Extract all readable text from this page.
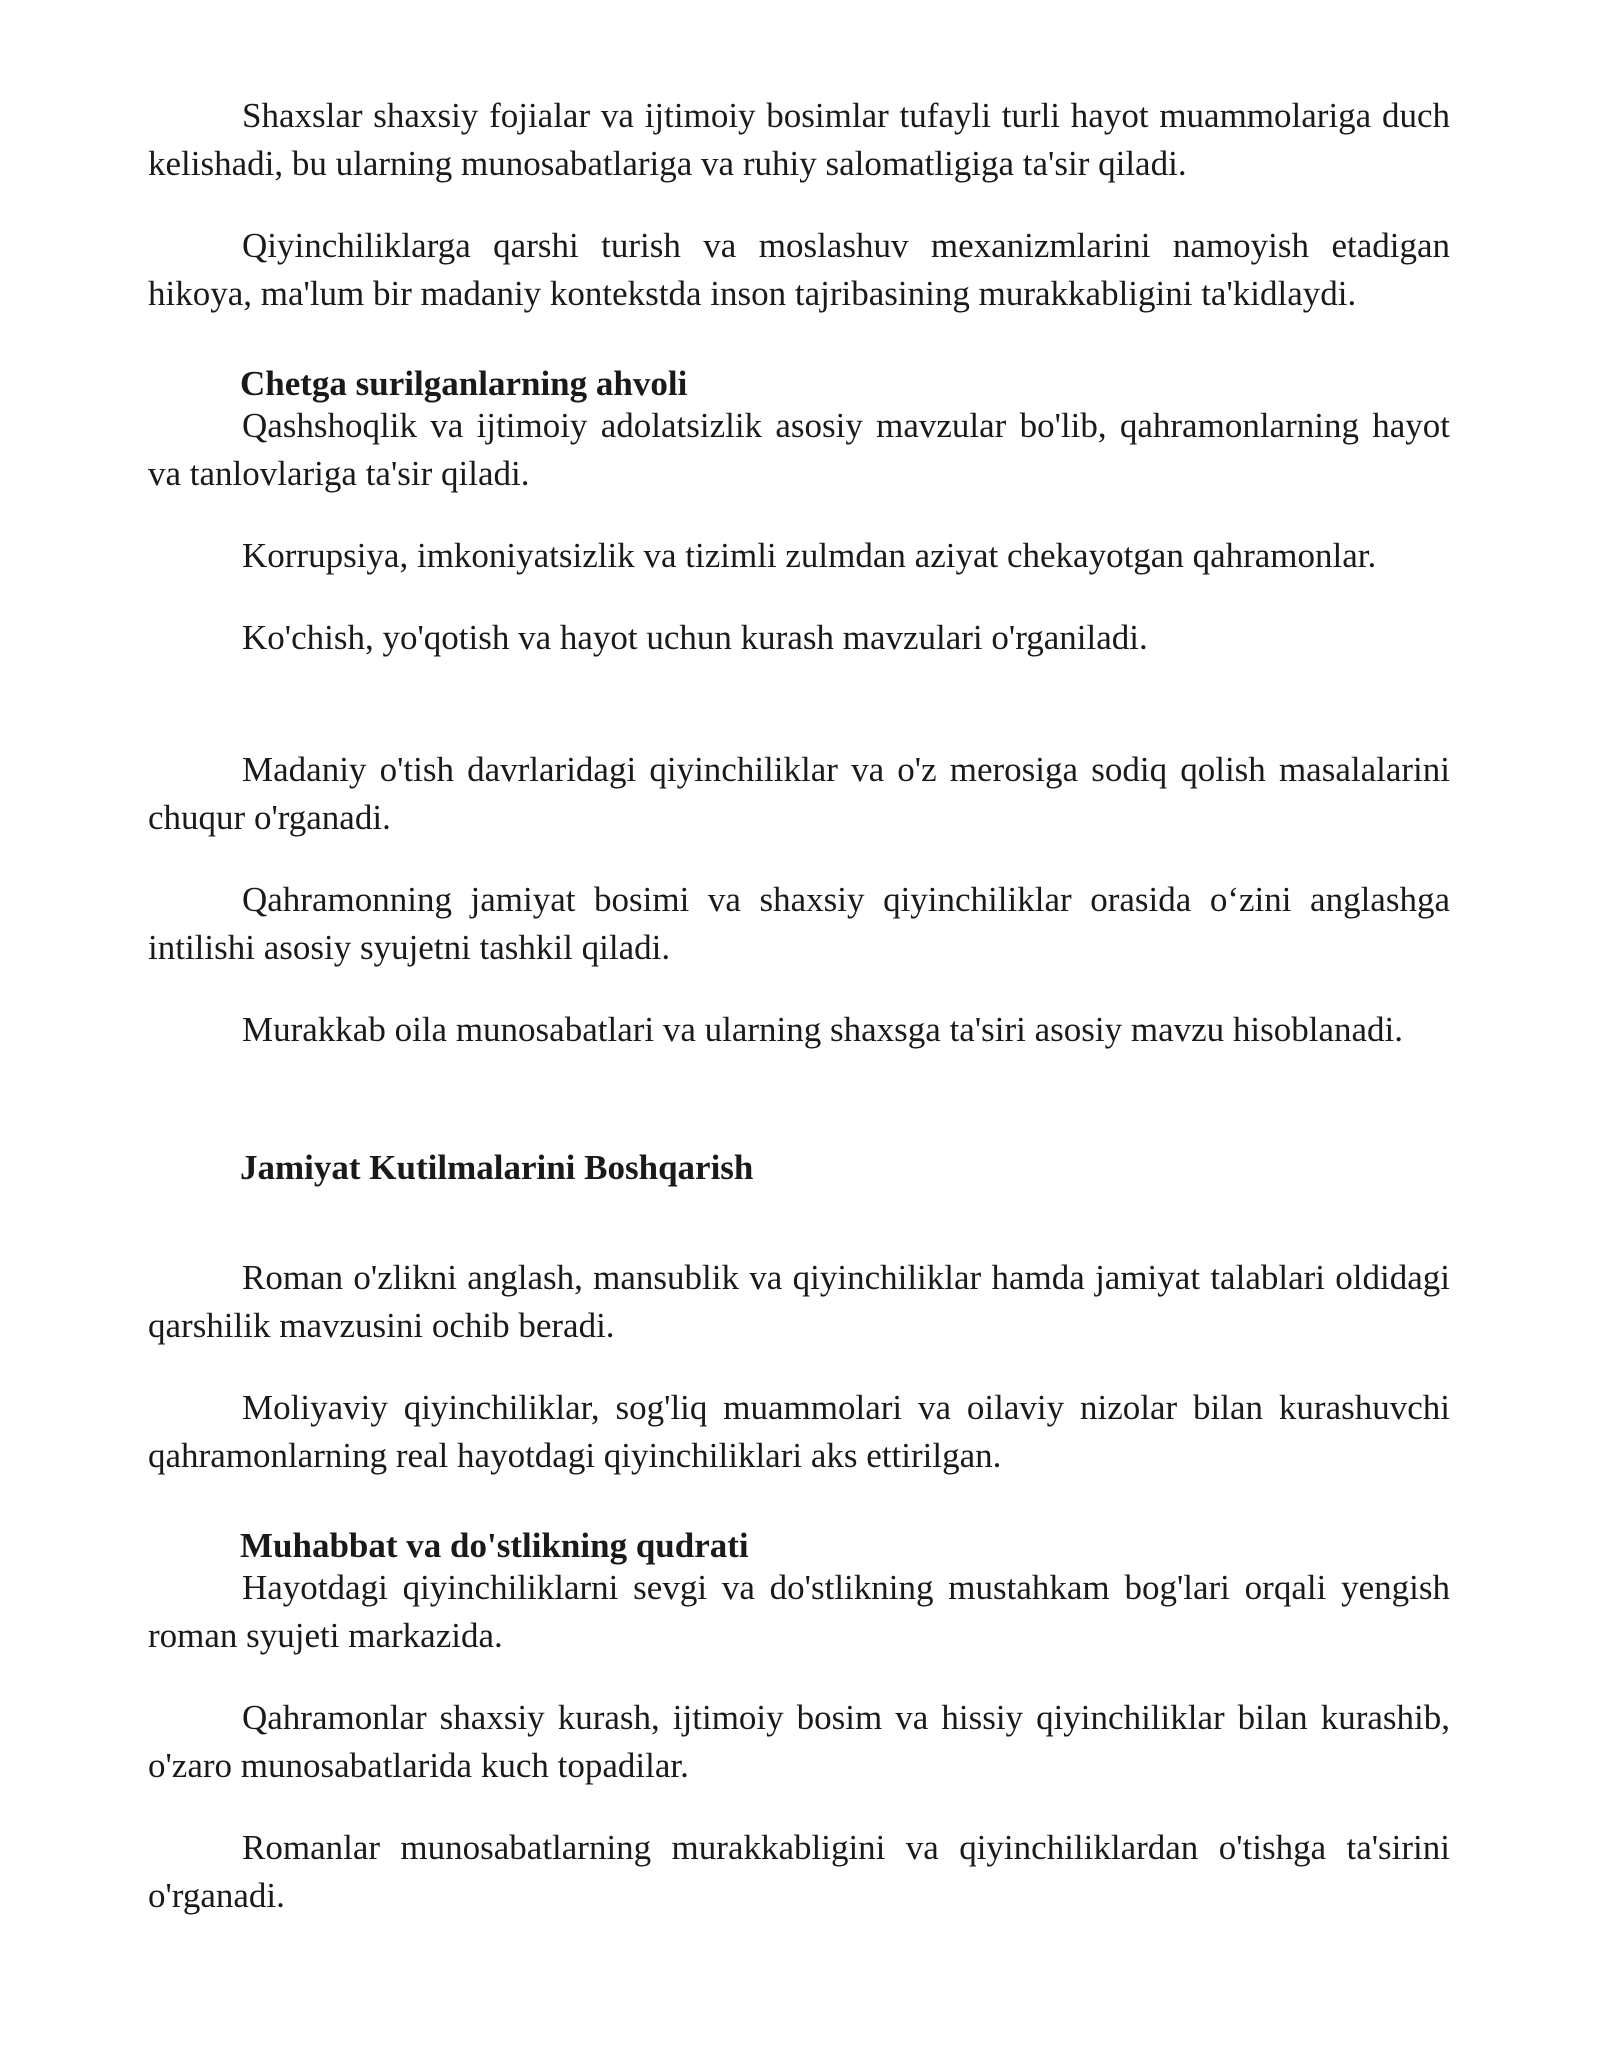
Shaxslar shaxsiy fojialar va ijtimoiy bosimlar tufayli turli hayot muammolariga duch kelishadi, bu ularning munosabatlariga va ruhiy salomatligiga ta'sir qiladi.

Qiyinchiliklarga qarshi turish va moslashuv mexanizmlarini namoyish etadigan hikoya, ma'lum bir madaniy kontekstda inson tajribasining murakkabligini ta'kidlaydi.

Chetga surilganlarning ahvoli

Qashshoqlik va ijtimoiy adolatsizlik asosiy mavzular bo'lib, qahramonlarning hayot va tanlovlariga ta'sir qiladi.

Korrupsiya, imkoniyatsizlik va tizimli zulmdan aziyat chekayotgan qahramonlar.

Ko'chish, yo'qotish va hayot uchun kurash mavzulari o'rganiladi.

Madaniy o'tish davrlaridagi qiyinchiliklar va o'z merosiga sodiq qolish masalalarini chuqur o'rganadi.

Qahramonning jamiyat bosimi va shaxsiy qiyinchiliklar orasida o‘zini anglashga intilishi asosiy syujetni tashkil qiladi.

Murakkab oila munosabatlari va ularning shaxsga ta'siri asosiy mavzu hisoblanadi.

Jamiyat Kutilmalarini Boshqarish

Roman o'zlikni anglash, mansublik va qiyinchiliklar hamda jamiyat talablari oldidagi qarshilik mavzusini ochib beradi.

Moliyaviy qiyinchiliklar, sog'liq muammolari va oilaviy nizolar bilan kurashuvchi qahramonlarning real hayotdagi qiyinchiliklari aks ettirilgan.

Muhabbat va do'stlikning qudrati

Hayotdagi qiyinchiliklarni sevgi va do'stlikning mustahkam bog'lari orqali yengish roman syujeti markazida.

Qahramonlar shaxsiy kurash, ijtimoiy bosim va hissiy qiyinchiliklar bilan kurashib, o'zaro munosabatlarida kuch topadilar.

Romanlar munosabatlarning murakkabligini va qiyinchiliklardan o'tishga ta'sirini o'rganadi.
